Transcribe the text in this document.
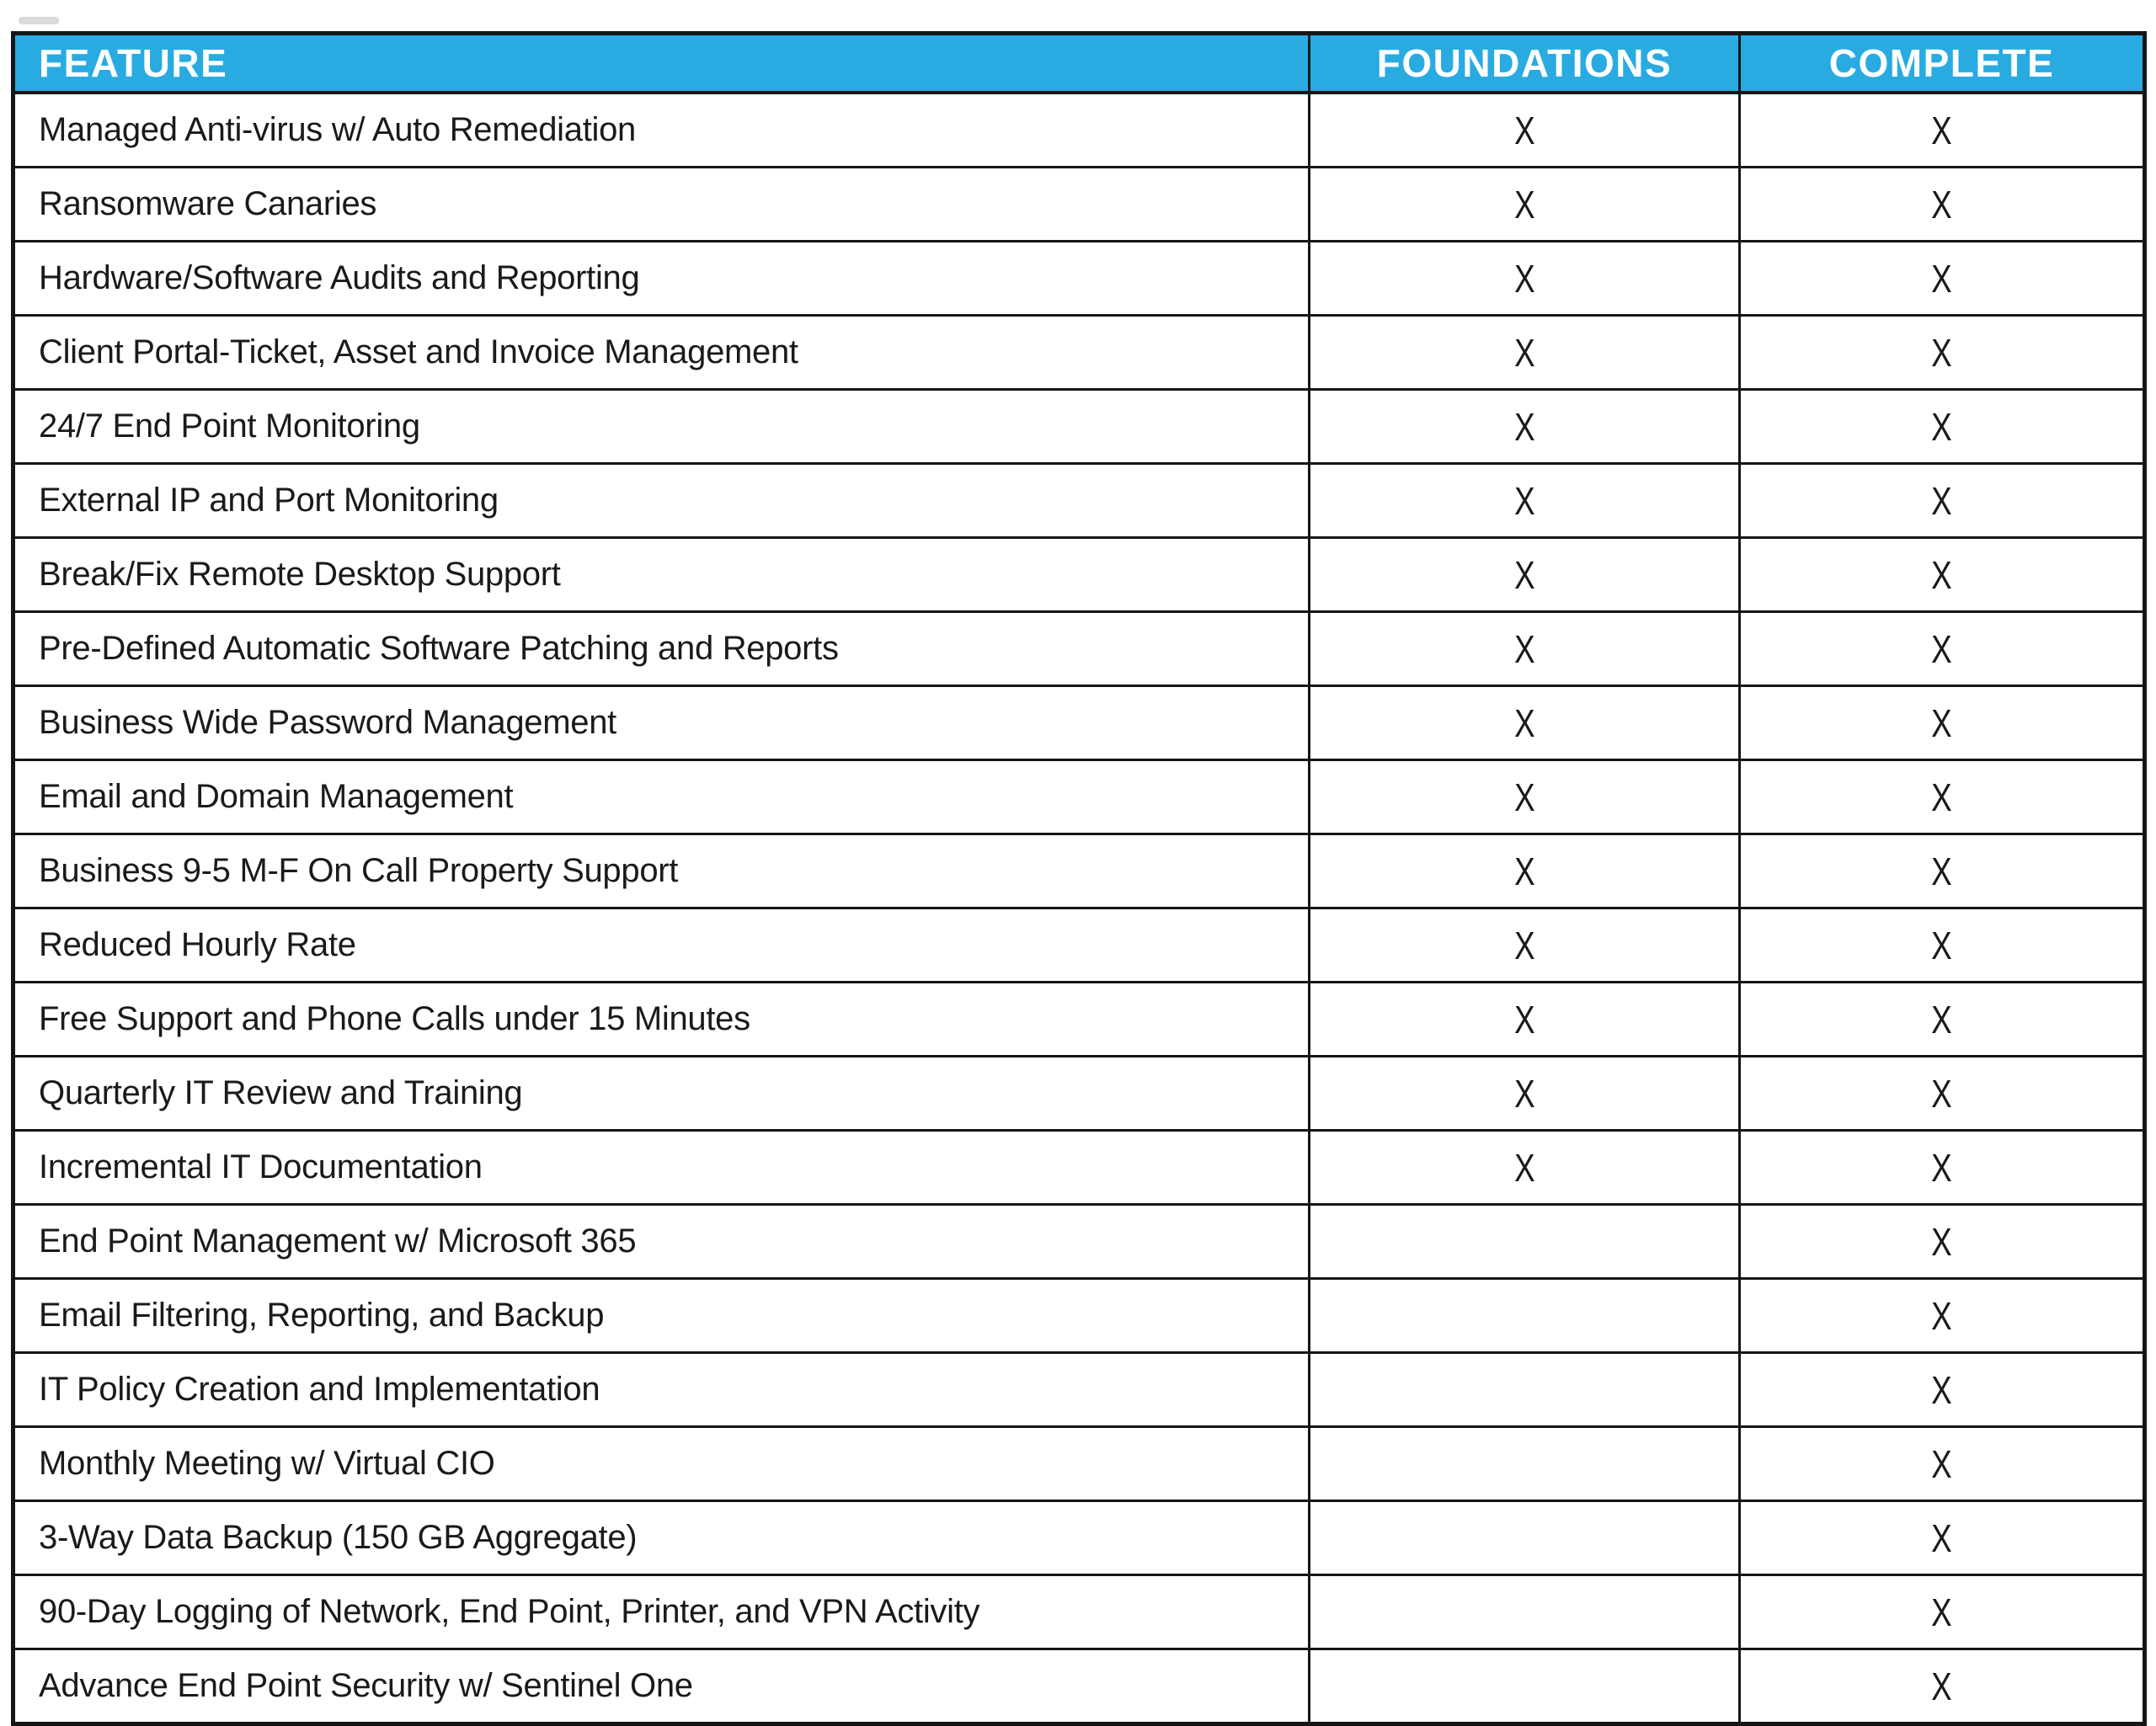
FEATURE	FOUNDATIONS	COMPLETE
Managed Anti-virus w/ Auto Remediation	X	X
Ransomware Canaries	X	X
Hardware/Software Audits and Reporting	X	X
Client Portal-Ticket, Asset and Invoice Management	X	X
24/7 End Point Monitoring	X	X
External IP and Port Monitoring	X	X
Break/Fix Remote Desktop Support	X	X
Pre-Defined Automatic Software Patching and Reports	X	X
Business Wide Password Management	X	X
Email and Domain Management	X	X
Business 9-5 M-F On Call Property Support	X	X
Reduced Hourly Rate	X	X
Free Support and Phone Calls under 15 Minutes	X	X
Quarterly IT Review and Training	X	X
Incremental IT Documentation	X	X
End Point Management w/ Microsoft 365		X
Email Filtering, Reporting, and Backup		X
IT Policy Creation and Implementation		X
Monthly Meeting w/ Virtual CIO		X
3-Way Data Backup (150 GB Aggregate)		X
90-Day Logging of Network, End Point, Printer, and VPN Activity		X
Advance End Point Security w/ Sentinel One		X
